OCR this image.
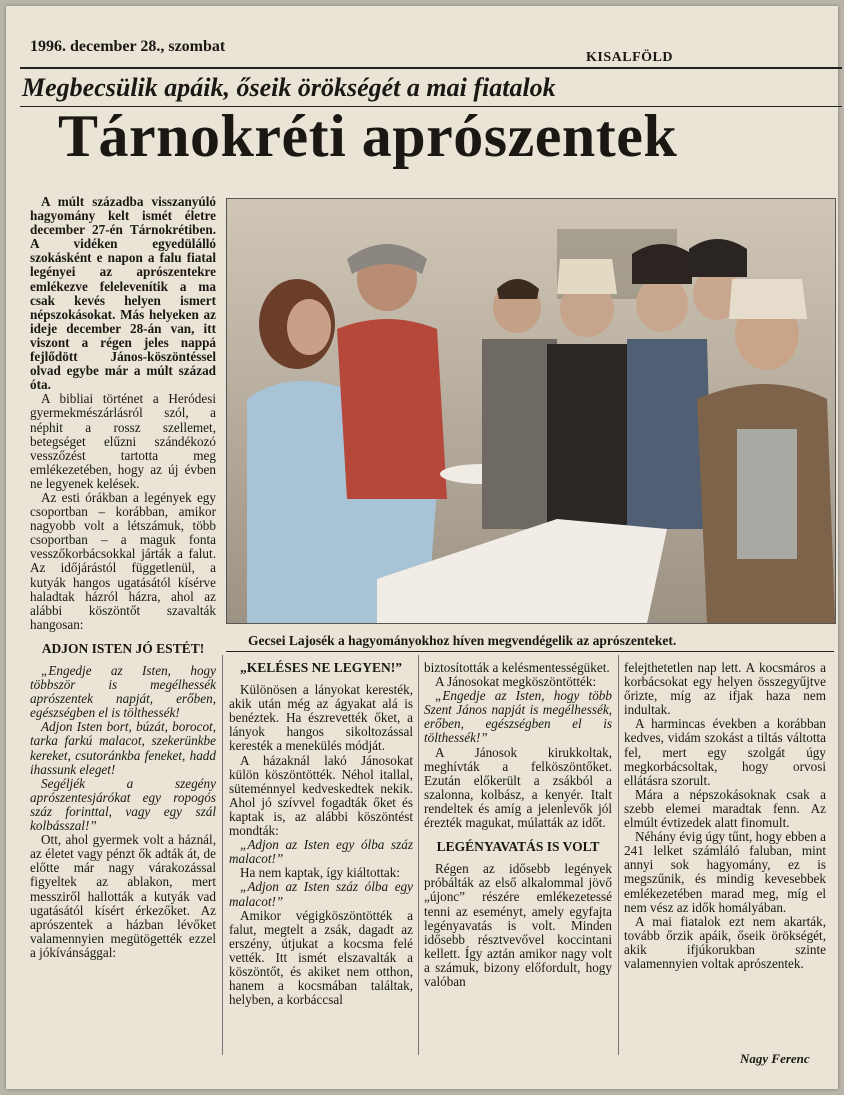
1996. december 28., szombat
KISALFÖLD
Megbecsülik apáik, őseik örökségét a mai fiatalok
Tárnokréti aprószentek

A múlt századba visszanyúló hagyomány kelt ismét életre december 27-én Tárnokrétiben. A vidéken egyedülálló szokásként e napon a falu fiatal legényei az aprószentekre emlékezve felelevenítik a ma csak kevés helyen ismert népszokásokat. Más helyeken az ideje december 28-án van, itt viszont a régen jeles nappá fejlődött János-köszöntéssel olvad egybe már a múlt század óta.

A bibliai történet a Heródesi gyermekmészárlásról szól, a néphit a rossz szellemet, betegséget elűzni szándékozó vesszőzést tartotta meg emlékezetében, hogy az új évben ne legyenek kelések.

Az esti órákban a legények egy csoportban – korábban, amikor nagyobb volt a létszámuk, több csoportban – a maguk fonta vesszőkorbácsokkal járták a falut. Az időjárástól függetlenül, a kutyák hangos ugatásától kísérve haladtak házról házra, ahol az alábbi köszöntőt szavalták hangosan:

ADJON ISTEN JÓ ESTÉT!

„Engedje az Isten, hogy többször is megélhessék aprószentek napját, erőben, egészségben el is tölthessék!

Adjon Isten bort, búzát, borocot, tarka farkú malacot, szekerünkbe kereket, csutoránkba feneket, hadd ihassunk eleget!

Segéljék a szegény aprószentesjárókat egy ropogós száz forinttal, vagy egy szál kolbásszal!”

Ott, ahol gyermek volt a háznál, az életet vagy pénzt ők adták át, de előtte már nagy várakozással figyeltek az ablakon, mert messziről hallották a kutyák vad ugatásától kísért érkezőket. Az aprószentek a házban lévőket valamennyien megütögették ezzel a jókívánsággal:

Gecsei Lajosék a hagyományokhoz híven megvendégelik az aprószenteket.

„KELÉSES NE LEGYEN!”

Különösen a lányokat keresték, akik után még az ágyakat alá is benéztek. Ha észrevették őket, a lányok hangos sikoltozással keresték a menekülés módját.

A házaknál lakó Jánosokat külön köszöntötték. Néhol itallal, süteménnyel kedveskedtek nekik. Ahol jó szívvel fogadták őket és kaptak is, az alábbi köszöntést mondták:

„Adjon az Isten egy ólba száz malacot!”

Ha nem kaptak, így kiáltottak:

„Adjon az Isten száz ólba egy malacot!”

Amikor végigköszöntötték a falut, megtelt a zsák, dagadt az erszény, útjukat a kocsma felé vették. Itt ismét elszavalták a köszöntőt, és akiket nem otthon, hanem a kocsmában találtak, helyben, a korbáccsal

biztosították a kelésmentességüket.

A Jánosokat megköszöntötték:

„Engedje az Isten, hogy több Szent János napját is megélhessék, erőben, egészségben el is tölthessék!”

A Jánosok kirukkoltak, meghívták a felköszöntőket. Ezután előkerült a zsákból a szalonna, kolbász, a kenyér. Italt rendeltek és amíg a jelenlevők jól érezték magukat, múlatták az időt.

LEGÉNYAVATÁS IS VOLT

Régen az idősebb legények próbálták az első alkalommal jövő „újonc” részére emlékezetessé tenni az eseményt, amely egyfajta legényavatás is volt. Minden idősebb résztvevővel koccintani kellett. Így aztán amikor nagy volt a számuk, bizony előfordult, hogy valóban

felejthetetlen nap lett. A kocsmáros a korbácsokat egy helyen összegyűjtve őrizte, míg az ifjak haza nem indultak.

A harmincas években a korábban kedves, vidám szokást a tiltás váltotta fel, mert egy szolgát úgy megkorbácsoltak, hogy orvosi ellátásra szorult.

Mára a népszokásoknak csak a szebb elemei maradtak fenn. Az elmúlt évtizedek alatt finomult.

Néhány évig úgy tűnt, hogy ebben a 241 lelket számláló faluban, mint annyi sok hagyomány, ez is megszűnik, és mindig kevesebbek emlékezetében marad meg, míg el nem vész az idők homályában.

A mai fiatalok ezt nem akarták, tovább őrzik apáik, őseik örökségét, akik ifjúkorukban szinte valamennyien voltak aprószentek.

Nagy Ferenc
